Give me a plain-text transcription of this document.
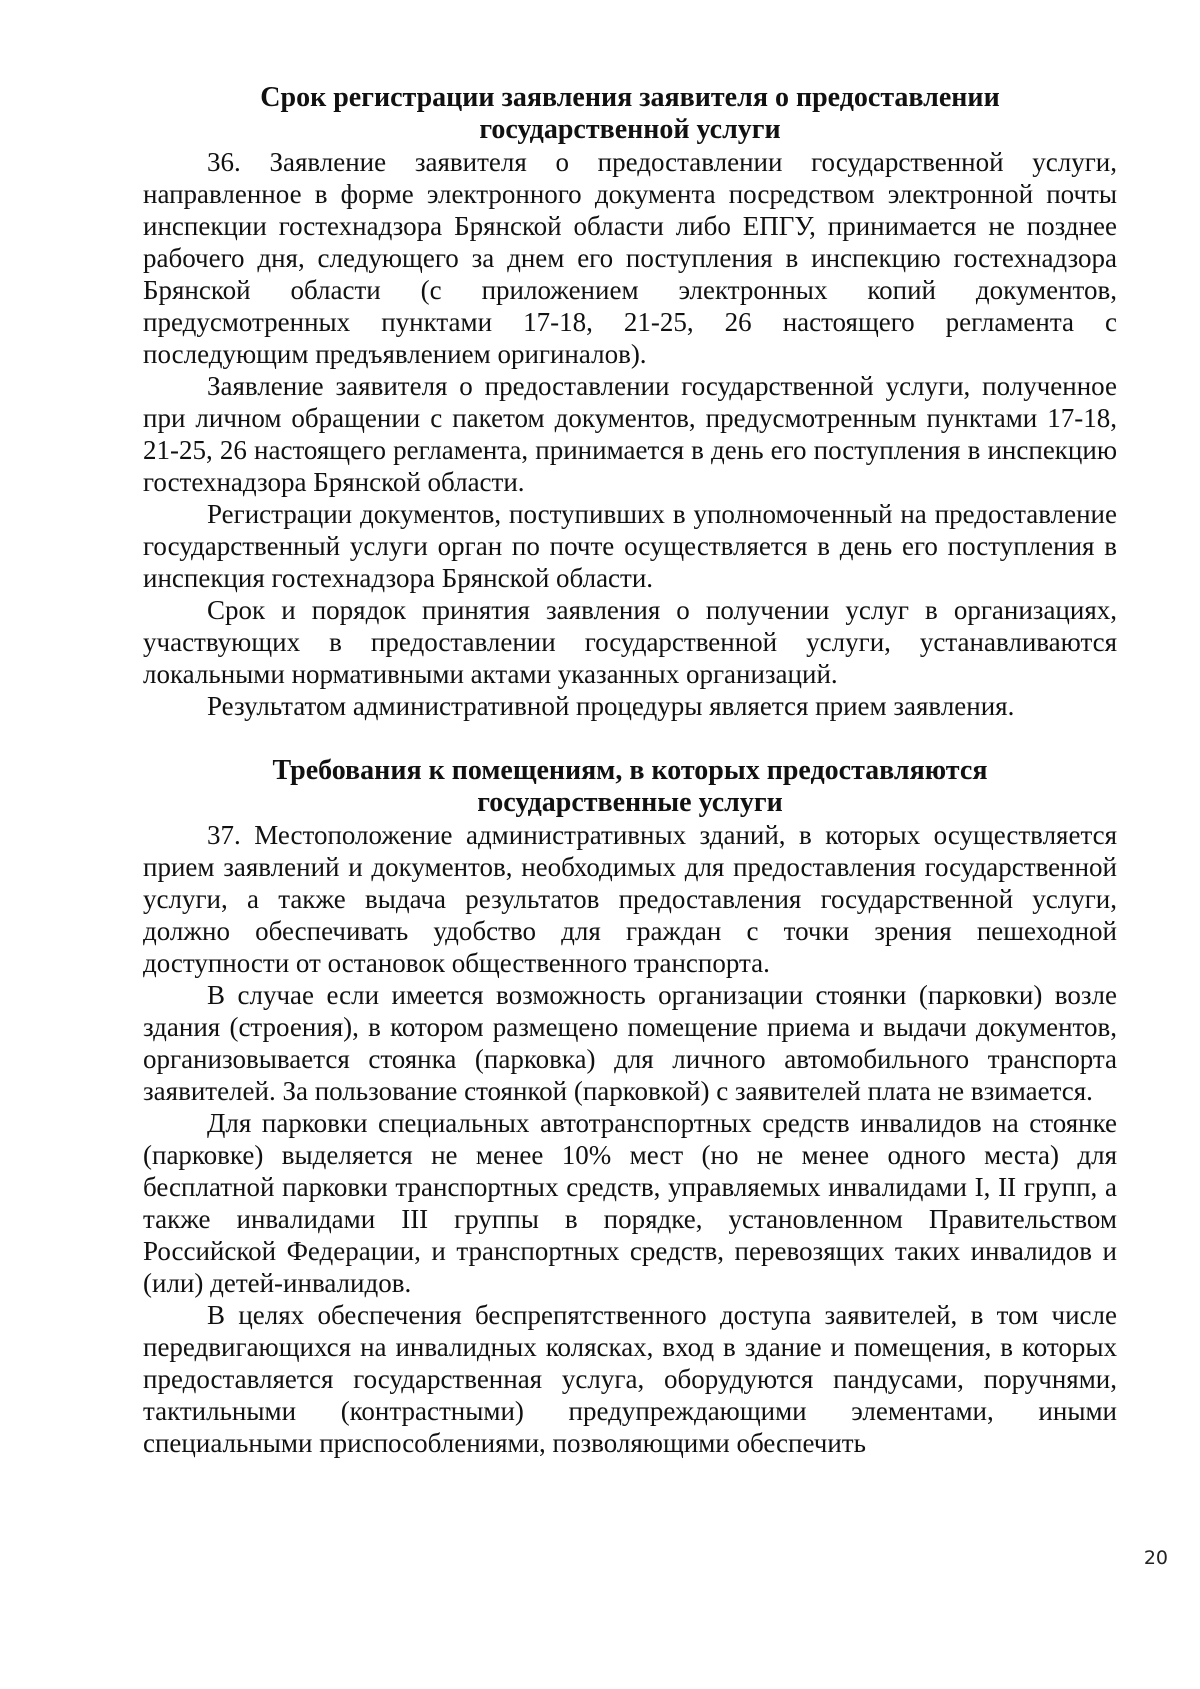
Срок регистрации заявления заявителя о предоставлении
государственной услуги

36. Заявление заявителя о предоставлении государственной услуги, направленное в форме электронного документа посредством электронной почты инспекции гостехнадзора Брянской области либо ЕПГУ, принимается не позднее рабочего дня, следующего за днем его поступления в инспекцию гостехнадзора Брянской области (с приложением электронных копий документов, предусмотренных пунктами 17-18, 21-25, 26 настоящего регламента с последующим предъявлением оригиналов).

Заявление заявителя о предоставлении государственной услуги, полученное при личном обращении с пакетом документов, предусмотренным пунктами 17-18, 21-25, 26 настоящего регламента, принимается в день его поступления в инспекцию гостехнадзора Брянской области.

Регистрации документов, поступивших в уполномоченный на предоставление государственный услуги орган по почте осуществляется в день его поступления в инспекция гостехнадзора Брянской области.

Срок и порядок принятия заявления о получении услуг в организациях, участвующих в предоставлении государственной услуги, устанавливаются локальными нормативными актами указанных организаций.

Результатом административной процедуры является прием заявления.

Требования к помещениям, в которых предоставляются
государственные услуги

37. Местоположение административных зданий, в которых осуществляется прием заявлений и документов, необходимых для предоставления государственной услуги, а также выдача результатов предоставления государственной услуги, должно обеспечивать удобство для граждан с точки зрения пешеходной доступности от остановок общественного транспорта.

В случае если имеется возможность организации стоянки (парковки) возле здания (строения), в котором размещено помещение приема и выдачи документов, организовывается стоянка (парковка) для личного автомобильного транспорта заявителей. За пользование стоянкой (парковкой) с заявителей плата не взимается.

Для парковки специальных автотранспортных средств инвалидов на стоянке (парковке) выделяется не менее 10% мест (но не менее одного места) для бесплатной парковки транспортных средств, управляемых инвалидами I, II групп, а также инвалидами III группы в порядке, установленном Правительством Российской Федерации, и транспортных средств, перевозящих таких инвалидов и (или) детей-инвалидов.

В целях обеспечения беспрепятственного доступа заявителей, в том числе передвигающихся на инвалидных колясках, вход в здание и помещения, в которых предоставляется государственная услуга, оборудуются пандусами, поручнями, тактильными (контрастными) предупреждающими элементами, иными специальными приспособлениями, позволяющими обеспечить

20
